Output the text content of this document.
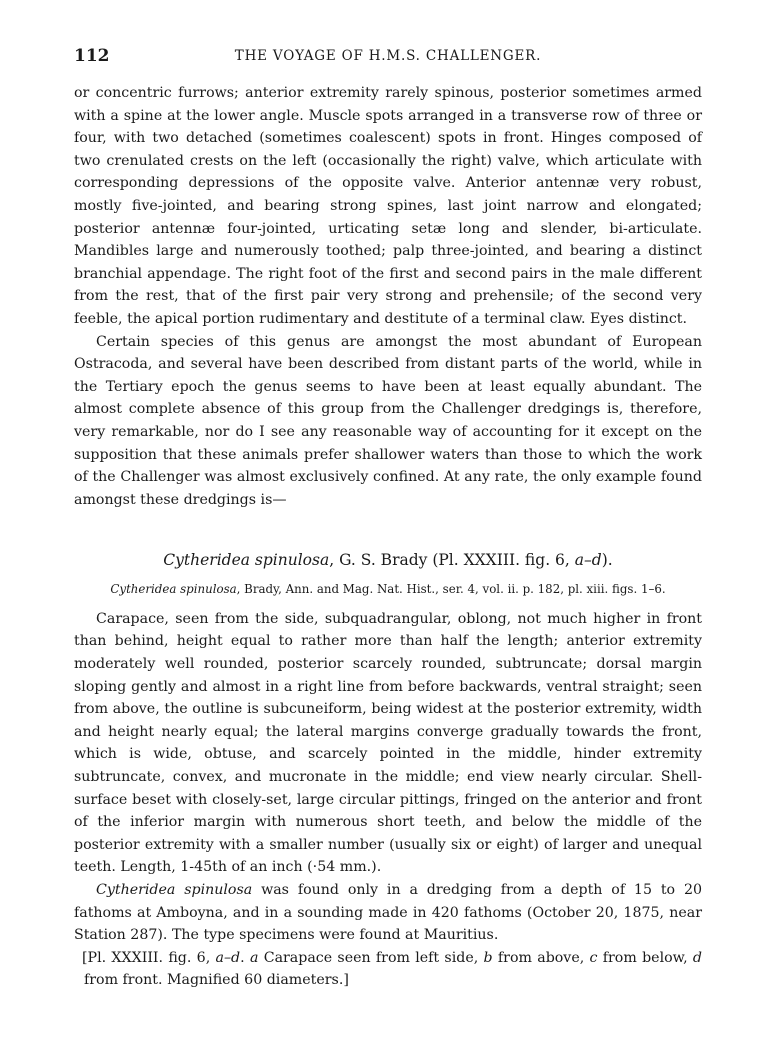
112	THE VOYAGE OF H.M.S. CHALLENGER.

or concentric furrows; anterior extremity rarely spinous, posterior sometimes armed with a spine at the lower angle. Muscle spots arranged in a transverse row of three or four, with two detached (sometimes coalescent) spots in front. Hinges composed of two crenulated crests on the left (occasionally the right) valve, which articulate with corresponding depressions of the opposite valve. Anterior antennæ very robust, mostly five-jointed, and bearing strong spines, last joint narrow and elongated; posterior antennæ four-jointed, urticating setæ long and slender, bi-articulate. Mandibles large and numerously toothed; palp three-jointed, and bearing a distinct branchial appendage. The right foot of the first and second pairs in the male different from the rest, that of the first pair very strong and prehensile; of the second very feeble, the apical portion rudimentary and destitute of a terminal claw. Eyes distinct.

Certain species of this genus are amongst the most abundant of European Ostracoda, and several have been described from distant parts of the world, while in the Tertiary epoch the genus seems to have been at least equally abundant. The almost complete absence of this group from the Challenger dredgings is, therefore, very remarkable, nor do I see any reasonable way of accounting for it except on the supposition that these animals prefer shallower waters than those to which the work of the Challenger was almost exclusively confined. At any rate, the only example found amongst these dredgings is—

Cytheridea spinulosa, G. S. Brady (Pl. XXXIII. fig. 6, a–d).

Cytheridea spinulosa, Brady, Ann. and Mag. Nat. Hist., ser. 4, vol. ii. p. 182, pl. xiii. figs. 1–6.

Carapace, seen from the side, subquadrangular, oblong, not much higher in front than behind, height equal to rather more than half the length; anterior extremity moderately well rounded, posterior scarcely rounded, subtruncate; dorsal margin sloping gently and almost in a right line from before backwards, ventral straight; seen from above, the outline is subcuneiform, being widest at the posterior extremity, width and height nearly equal; the lateral margins converge gradually towards the front, which is wide, obtuse, and scarcely pointed in the middle, hinder extremity subtruncate, convex, and mucronate in the middle; end view nearly circular. Shell-surface beset with closely-set, large circular pittings, fringed on the anterior and front of the inferior margin with numerous short teeth, and below the middle of the posterior extremity with a smaller number (usually six or eight) of larger and unequal teeth. Length, 1-45th of an inch (·54 mm.).

Cytheridea spinulosa was found only in a dredging from a depth of 15 to 20 fathoms at Amboyna, and in a sounding made in 420 fathoms (October 20, 1875, near Station 287). The type specimens were found at Mauritius.

[Pl. XXXIII. fig. 6, a–d. a Carapace seen from left side, b from above, c from below, d from front. Magnified 60 diameters.]
